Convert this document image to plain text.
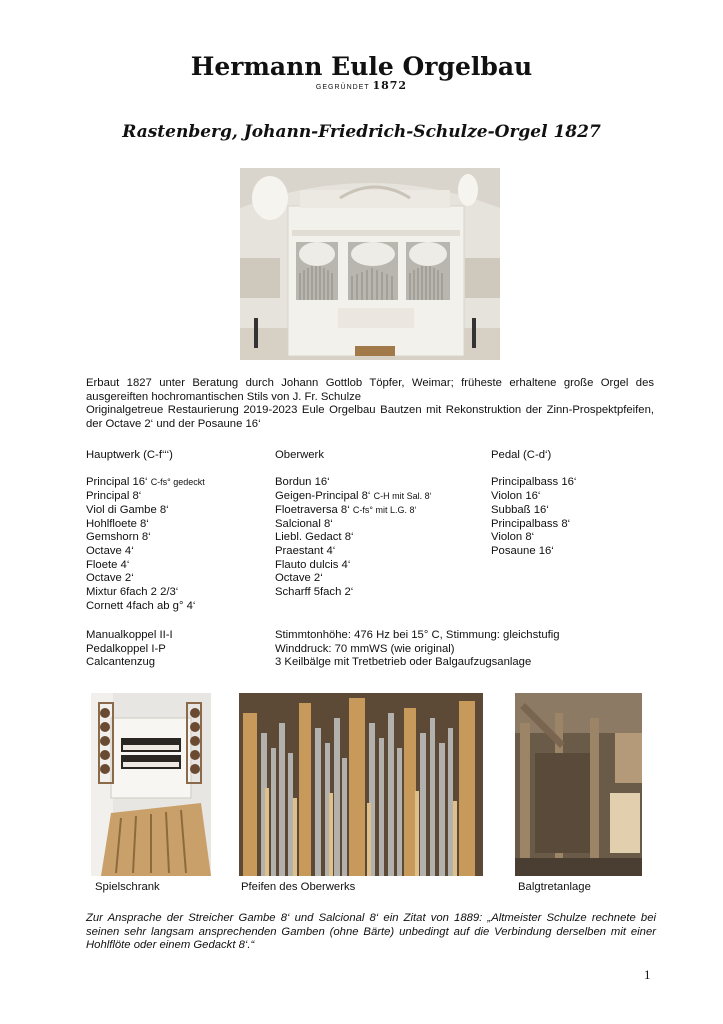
Hermann Eule Orgelbau
GEGRÜNDET 1872
Rastenberg, Johann-Friedrich-Schulze-Orgel 1827

Erbaut 1827 unter Beratung durch Johann Gottlob Töpfer, Weimar; früheste erhaltene große Orgel des ausgereiften hochromantischen Stils von J. Fr. Schulze

Originalgetreue Restaurierung 2019-2023 Eule Orgelbau Bautzen mit Rekonstruktion der Zinn-Prospektpfeifen, der Octave 2‘ und der Posaune 16‘

Hauptwerk (C-f‘‘‘)
Principal 16‘ C-fs° gedeckt
Principal 8‘
Viol di Gambe 8‘
Hohlfloete 8‘
Gemshorn 8‘
Octave 4‘
Floete 4‘
Octave 2‘
Mixtur 6fach 2 2/3‘
Cornett 4fach ab g° 4‘
Oberwerk
Bordun 16‘
Geigen-Principal 8‘ C-H mit Sal. 8‘
Floetraversa 8‘ C-fs° mit L.G. 8‘
Salcional 8‘
Liebl. Gedact 8‘
Praestant 4‘
Flauto dulcis 4‘
Octave 2‘
Scharff 5fach 2‘
Pedal (C-d‘)
Principalbass 16‘
Violon 16‘
Subbaß 16‘
Principalbass 8‘
Violon 8‘
Posaune 16‘
Manualkoppel II-I
Pedalkoppel I-P
Calcantenzug
Stimmtonhöhe: 476 Hz bei 15° C, Stimmung: gleichstufig
Winddruck: 70 mmWS (wie original)
3 Keilbälge mit Tretbetrieb oder Balgaufzugsanlage
Spielschrank	Pfeifen des Oberwerks	Balgtretanlage
Zur Ansprache der Streicher Gambe 8‘ und Salcional 8‘ ein Zitat von 1889: „Altmeister Schulze rechnete bei seinen sehr langsam ansprechenden Gamben (ohne Bärte) unbedingt auf die Verbindung derselben mit einer Hohlflöte oder einem Gedackt 8‘.“
1
